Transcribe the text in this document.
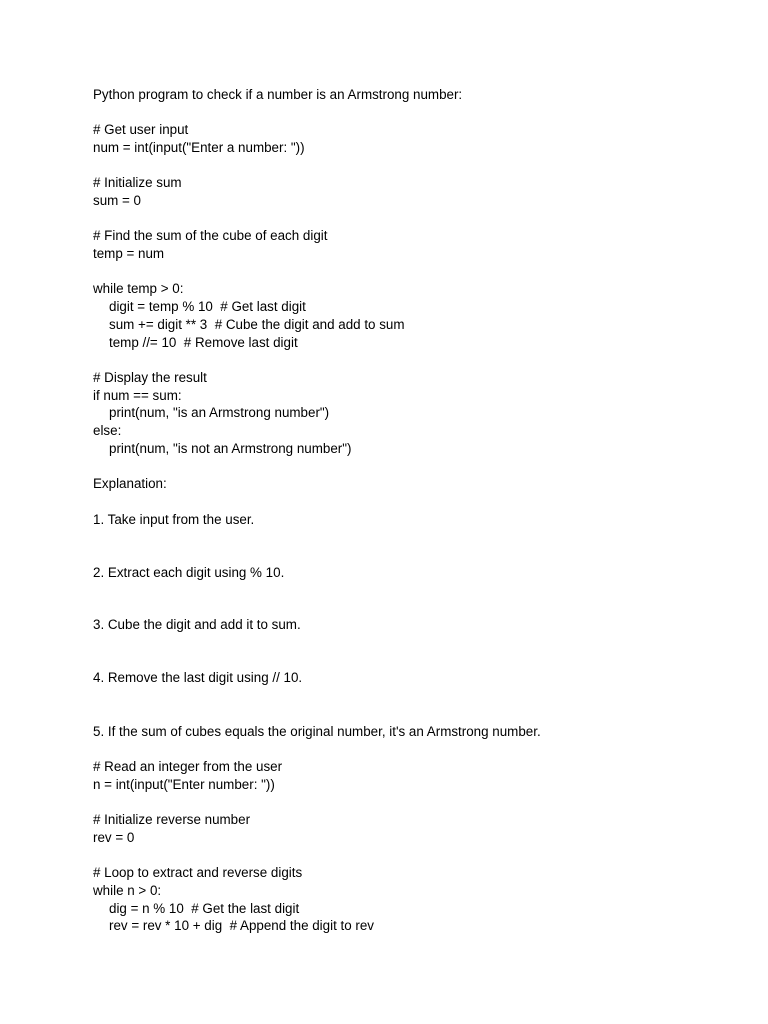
Python program to check if a number is an Armstrong number:
# Get user input
num = int(input("Enter a number: "))
# Initialize sum
sum = 0
# Find the sum of the cube of each digit
temp = num
while temp > 0:
digit = temp % 10  # Get last digit
sum += digit ** 3  # Cube the digit and add to sum
temp //= 10  # Remove last digit
# Display the result
if num == sum:
print(num, "is an Armstrong number")
else:
print(num, "is not an Armstrong number")
Explanation:
1. Take input from the user.
2. Extract each digit using % 10.
3. Cube the digit and add it to sum.
4. Remove the last digit using // 10.
5. If the sum of cubes equals the original number, it's an Armstrong number.
# Read an integer from the user
n = int(input("Enter number: "))
# Initialize reverse number
rev = 0
# Loop to extract and reverse digits
while n > 0:
dig = n % 10  # Get the last digit
rev = rev * 10 + dig  # Append the digit to rev
